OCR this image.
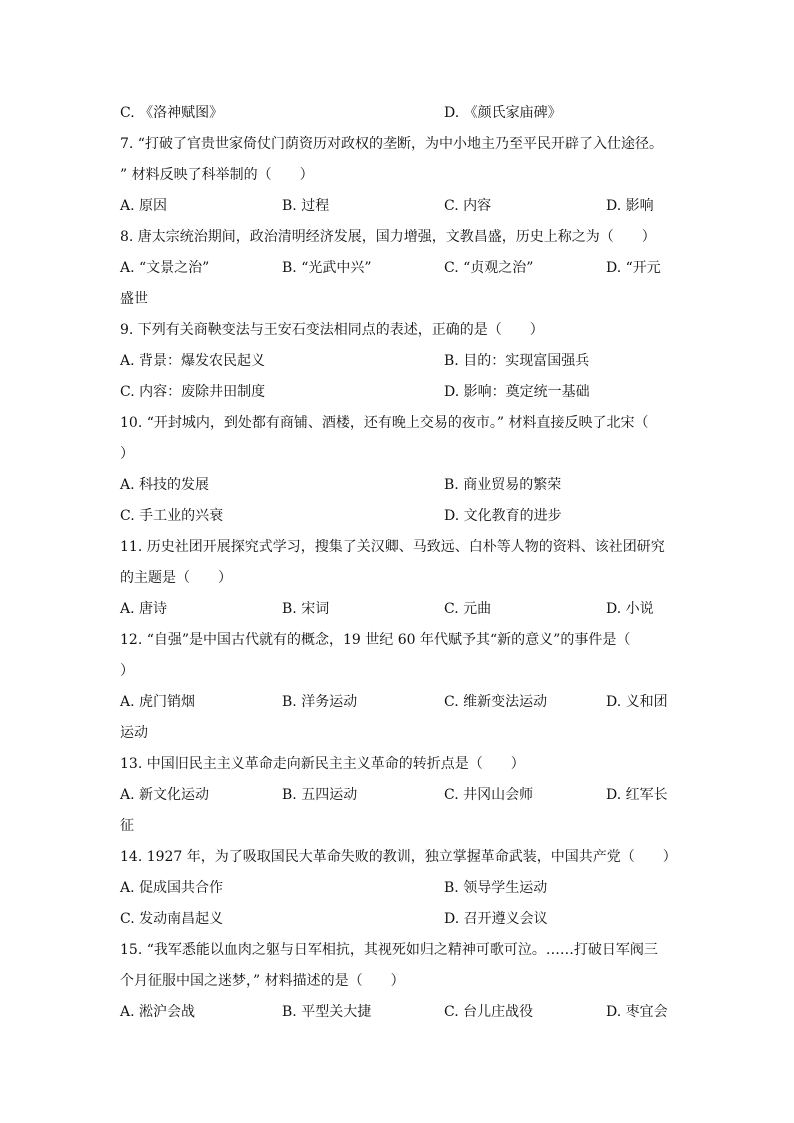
C. 《洛神赋图》	D. 《颜氏家庙碑》
7. “打破了官贵世家倚仗门荫资历对政权的垄断，为中小地主乃至平民开辟了入仕途径。
” 材料反映了科举制的（　　）
A. 原因	B. 过程	C. 内容	D. 影响
8. 唐太宗统治期间，政治清明经济发展，国力增强，文教昌盛，历史上称之为（　　）
A. “文景之治”	B. “光武中兴”	C. “贞观之治”	D. “开元
盛世
9. 下列有关商鞅变法与王安石变法相同点的表述，正确的是（　　）
A. 背景：爆发农民起义	B. 目的：实现富国强兵
C. 内容：废除井田制度	D. 影响：奠定统一基础
10. “开封城内，到处都有商铺、酒楼，还有晚上交易的夜市。” 材料直接反映了北宋（
）
A. 科技的发展	B. 商业贸易的繁荣
C. 手工业的兴衰	D. 文化教育的进步
11. 历史社团开展探究式学习，搜集了关汉卿、马致远、白朴等人物的资料、该社团研究
的主题是（　　）
A. 唐诗	B. 宋词	C. 元曲	D. 小说
12. “自强”是中国古代就有的概念，19 世纪 60 年代赋予其“新的意义”的事件是（
）
A. 虎门销烟	B. 洋务运动	C. 维新变法运动	D. 义和团
运动
13. 中国旧民主主义革命走向新民主主义革命的转折点是（　　）
A. 新文化运动	B. 五四运动	C. 井冈山会师	D. 红军长
征
14. 1927 年，为了吸取国民大革命失败的教训，独立掌握革命武装，中国共产党（　　）
A. 促成国共合作	B. 领导学生运动
C. 发动南昌起义	D. 召开遵义会议
15. “我军悉能以血肉之躯与日军相抗，其视死如归之精神可歌可泣。……打破日军阀三
个月征服中国之迷梦，” 材料描述的是（　　）
A. 淞沪会战	B. 平型关大捷	C. 台儿庄战役	D. 枣宜会
